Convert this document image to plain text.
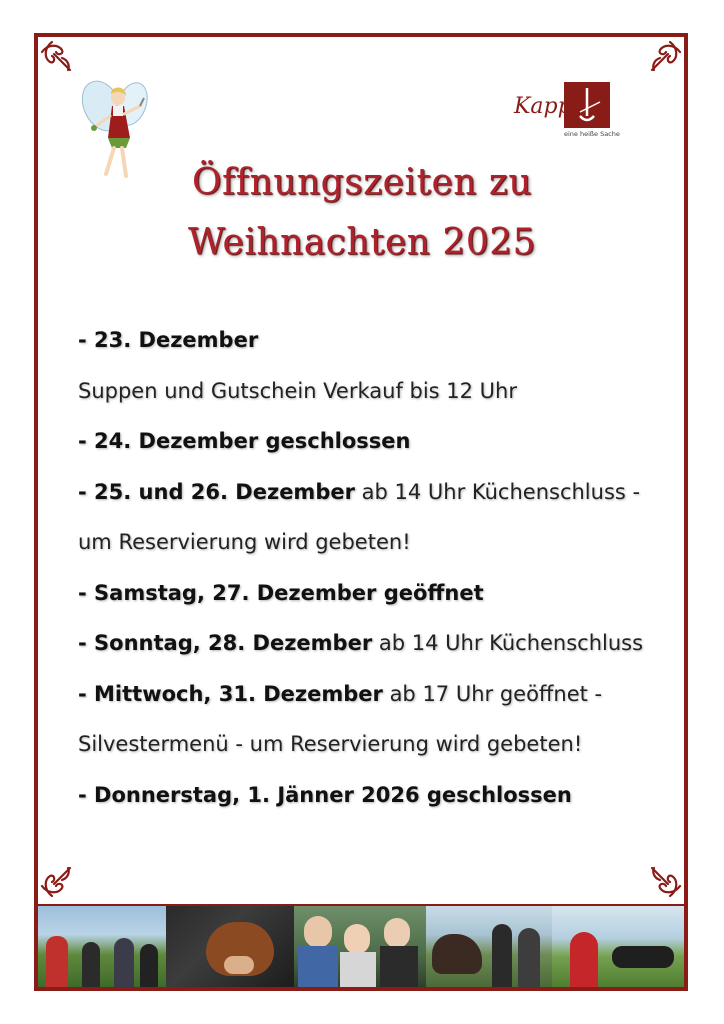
Kappl
eine heiße Sache
Öffnungszeiten zu
Weihnachten 2025
- 23. Dezember
Suppen und Gutschein Verkauf bis 12 Uhr
- 24. Dezember geschlossen
- 25. und 26. Dezember ab 14 Uhr Küchenschluss -
um Reservierung wird gebeten!
- Samstag, 27. Dezember geöffnet
- Sonntag, 28. Dezember ab 14 Uhr Küchenschluss
- Mittwoch, 31. Dezember ab 17 Uhr geöffnet -
Silvestermenü - um Reservierung wird gebeten!
- Donnerstag, 1. Jänner 2026 geschlossen
